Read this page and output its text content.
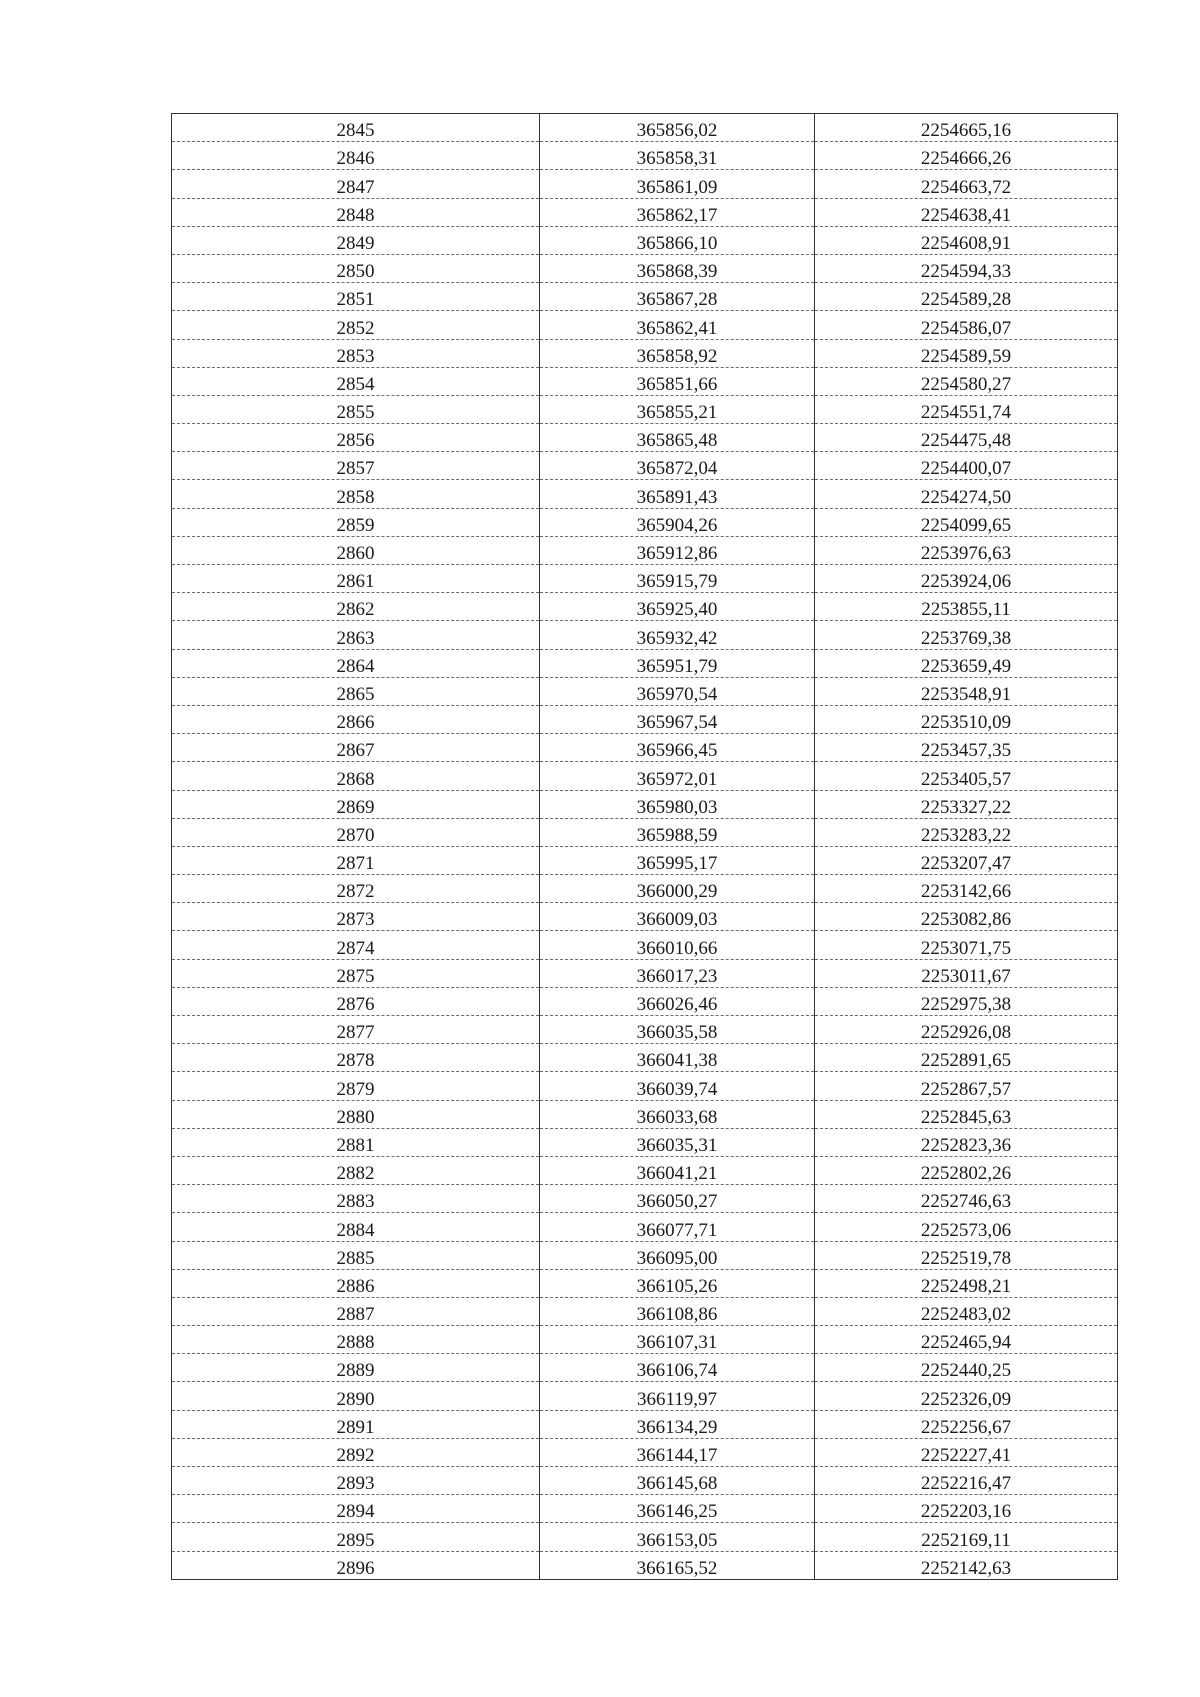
2845	365856,02	2254665,16
2846	365858,31	2254666,26
2847	365861,09	2254663,72
2848	365862,17	2254638,41
2849	365866,10	2254608,91
2850	365868,39	2254594,33
2851	365867,28	2254589,28
2852	365862,41	2254586,07
2853	365858,92	2254589,59
2854	365851,66	2254580,27
2855	365855,21	2254551,74
2856	365865,48	2254475,48
2857	365872,04	2254400,07
2858	365891,43	2254274,50
2859	365904,26	2254099,65
2860	365912,86	2253976,63
2861	365915,79	2253924,06
2862	365925,40	2253855,11
2863	365932,42	2253769,38
2864	365951,79	2253659,49
2865	365970,54	2253548,91
2866	365967,54	2253510,09
2867	365966,45	2253457,35
2868	365972,01	2253405,57
2869	365980,03	2253327,22
2870	365988,59	2253283,22
2871	365995,17	2253207,47
2872	366000,29	2253142,66
2873	366009,03	2253082,86
2874	366010,66	2253071,75
2875	366017,23	2253011,67
2876	366026,46	2252975,38
2877	366035,58	2252926,08
2878	366041,38	2252891,65
2879	366039,74	2252867,57
2880	366033,68	2252845,63
2881	366035,31	2252823,36
2882	366041,21	2252802,26
2883	366050,27	2252746,63
2884	366077,71	2252573,06
2885	366095,00	2252519,78
2886	366105,26	2252498,21
2887	366108,86	2252483,02
2888	366107,31	2252465,94
2889	366106,74	2252440,25
2890	366119,97	2252326,09
2891	366134,29	2252256,67
2892	366144,17	2252227,41
2893	366145,68	2252216,47
2894	366146,25	2252203,16
2895	366153,05	2252169,11
2896	366165,52	2252142,63
